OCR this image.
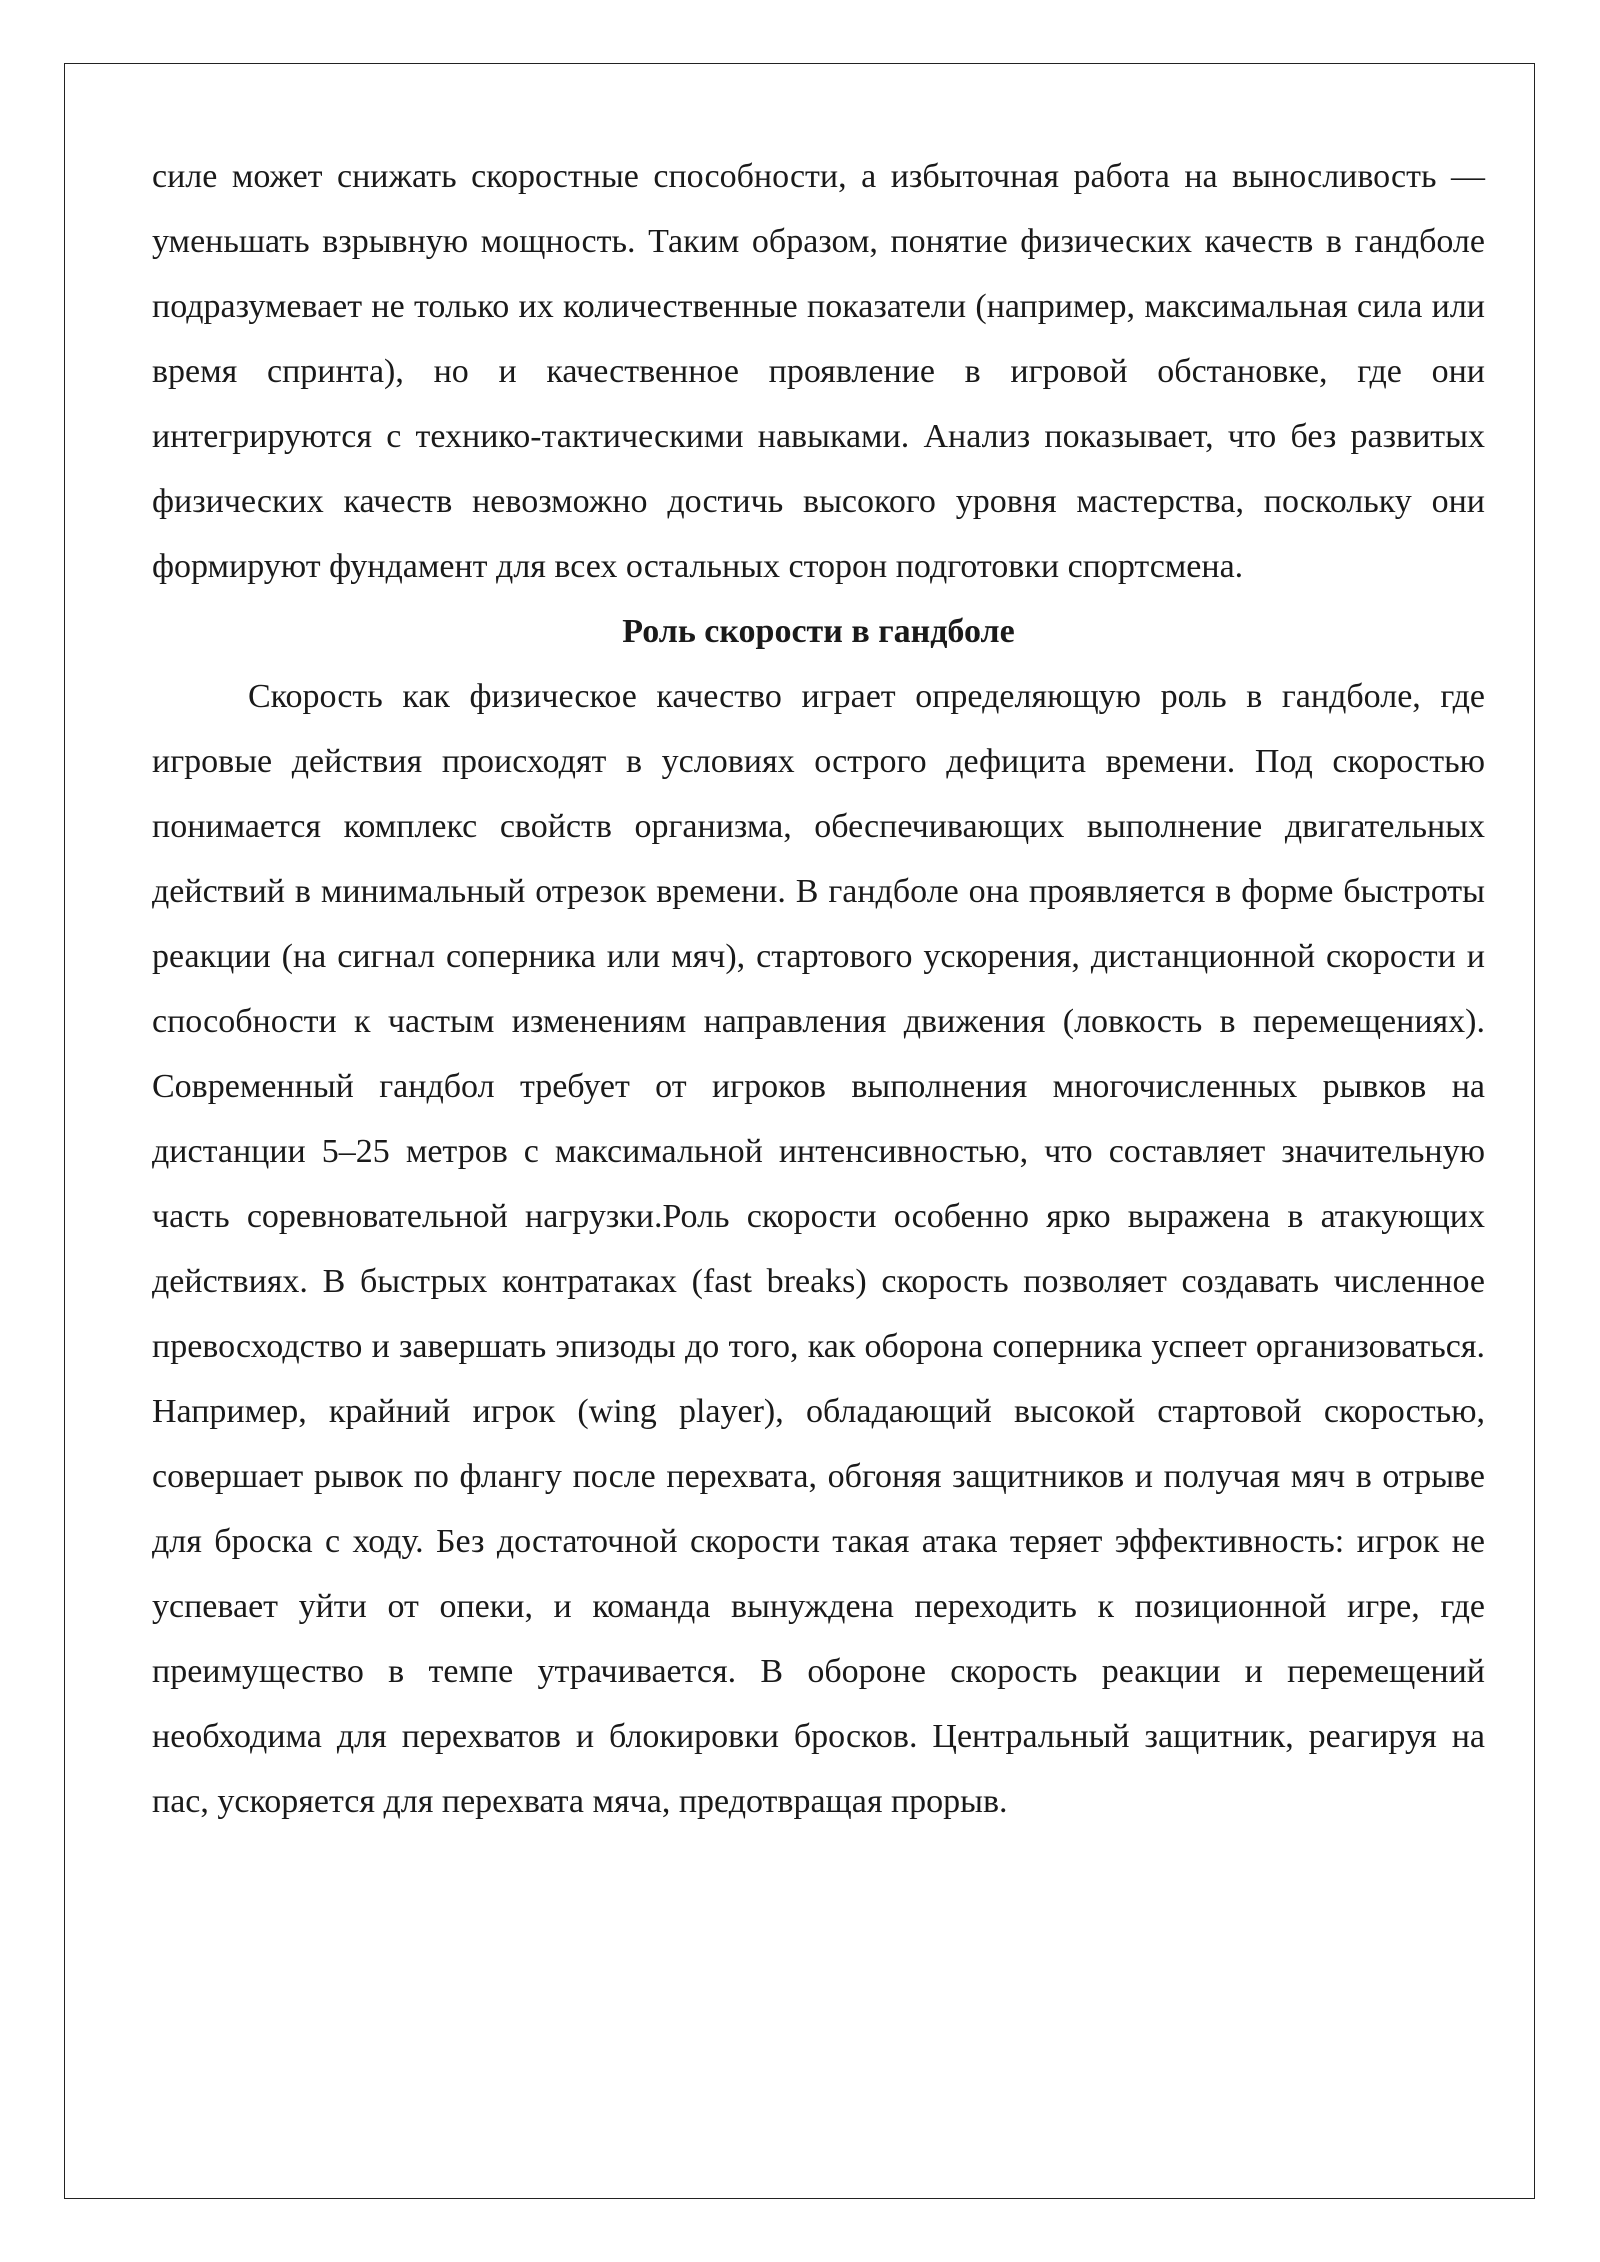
силе может снижать скоростные способности, а избыточная работа на выносливость — уменьшать взрывную мощность. Таким образом, понятие физических качеств в гандболе подразумевает не только их количественные показатели (например, максимальная сила или время спринта), но и качественное проявление в игровой обстановке, где они интегрируются с технико-тактическими навыками. Анализ показывает, что без развитых физических качеств невозможно достичь высокого уровня мастерства, поскольку они формируют фундамент для всех остальных сторон подготовки спортсмена.

Роль скорости в гандболе

Скорость как физическое качество играет определяющую роль в гандболе, где игровые действия происходят в условиях острого дефицита времени. Под скоростью понимается комплекс свойств организма, обеспечивающих выполнение двигательных действий в минимальный отрезок времени. В гандболе она проявляется в форме быстроты реакции (на сигнал соперника или мяч), стартового ускорения, дистанционной скорости и способности к частым изменениям направления движения (ловкость в перемещениях). Современный гандбол требует от игроков выполнения многочисленных рывков на дистанции 5–25 метров с максимальной интенсивностью, что составляет значительную часть соревновательной нагрузки.Роль скорости особенно ярко выражена в атакующих действиях. В быстрых контратаках (fast breaks) скорость позволяет создавать численное превосходство и завершать эпизоды до того, как оборона соперника успеет организоваться. Например, крайний игрок (wing player), обладающий высокой стартовой скоростью, совершает рывок по флангу после перехвата, обгоняя защитников и получая мяч в отрыве для броска с ходу. Без достаточной скорости такая атака теряет эффективность: игрок не успевает уйти от опеки, и команда вынуждена переходить к позиционной игре, где преимущество в темпе утрачивается. В обороне скорость реакции и перемещений необходима для перехватов и блокировки бросков. Центральный защитник, реагируя на пас, ускоряется для перехвата мяча, предотвращая прорыв.
